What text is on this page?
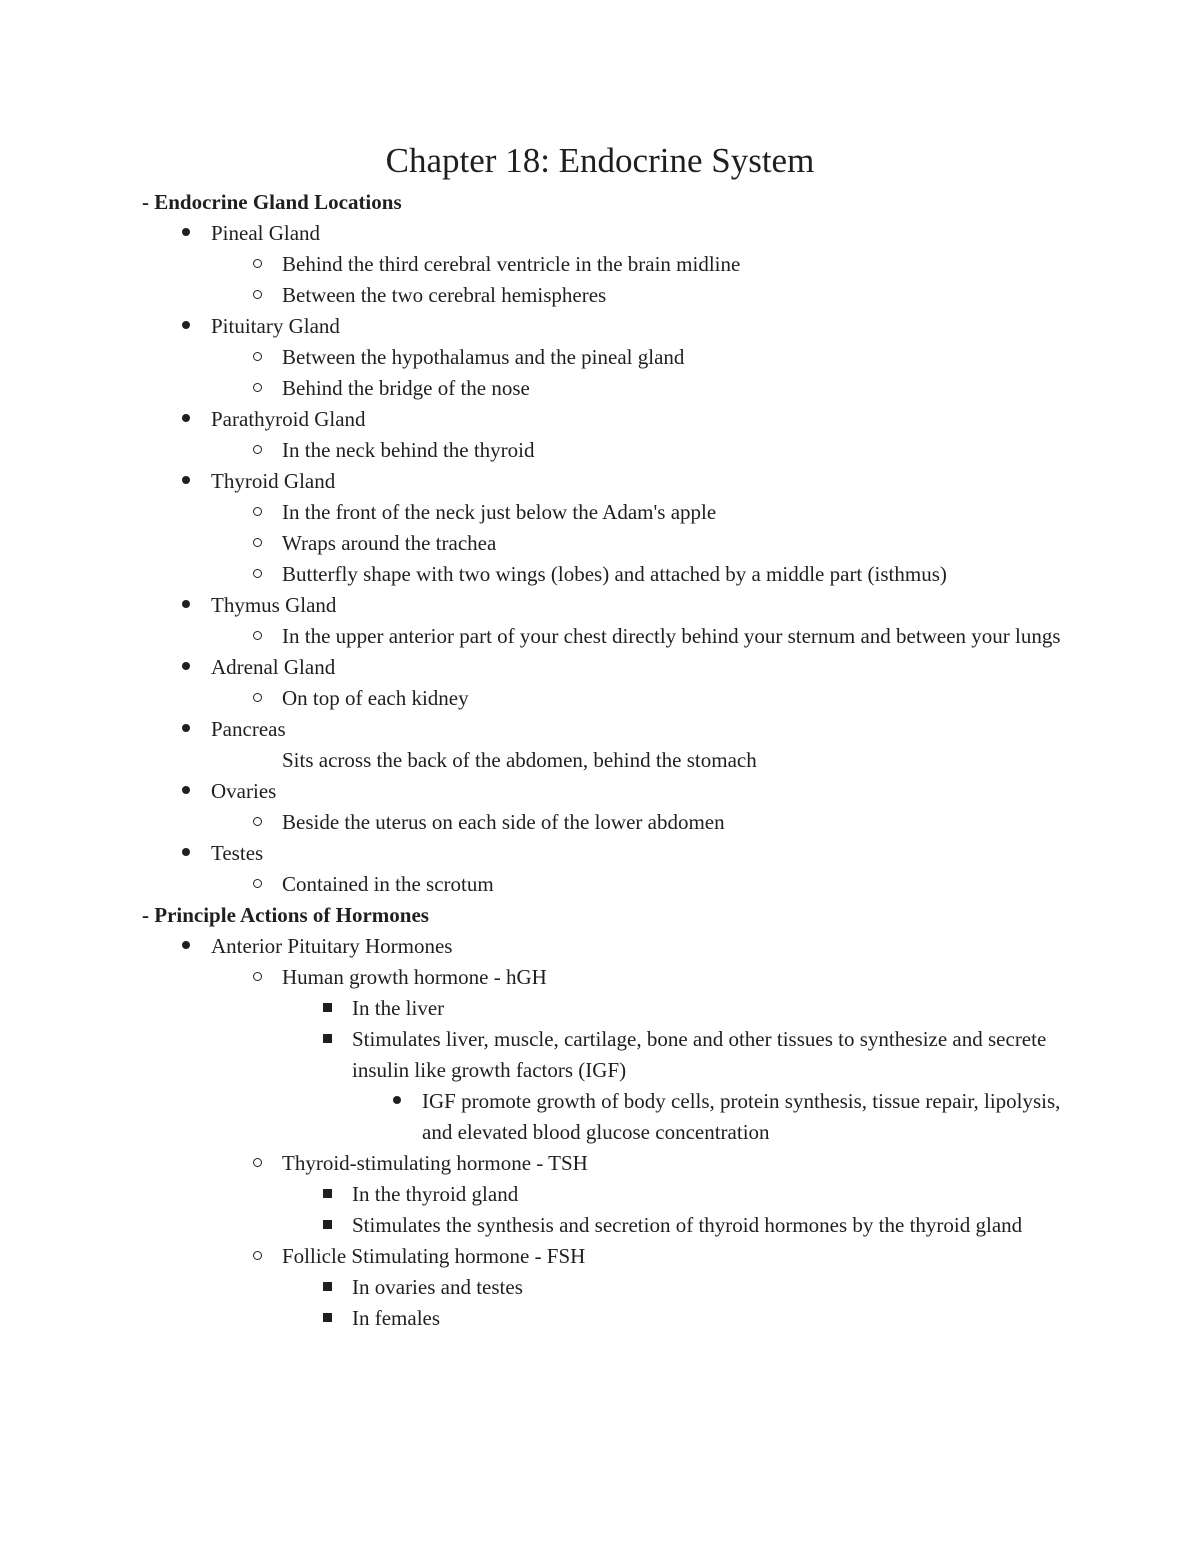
Chapter 18: Endocrine System
- Endocrine Gland Locations
Pineal Gland
Behind the third cerebral ventricle in the brain midline
Between the two cerebral hemispheres
Pituitary Gland
Between the hypothalamus and the pineal gland
Behind the bridge of the nose
Parathyroid Gland
In the neck behind the thyroid
Thyroid Gland
In the front of the neck just below the Adam's apple
Wraps around the trachea
Butterfly shape with two wings (lobes) and attached by a middle part (isthmus)
Thymus Gland
In the upper anterior part of your chest directly behind your sternum and between your lungs
Adrenal Gland
On top of each kidney
Pancreas
Sits across the back of the abdomen, behind the stomach
Ovaries
Beside the uterus on each side of the lower abdomen
Testes
Contained in the scrotum
- Principle Actions of Hormones
Anterior Pituitary Hormones
Human growth hormone - hGH
In the liver
Stimulates liver, muscle, cartilage, bone and other tissues to synthesize and secrete insulin like growth factors (IGF)
IGF promote growth of body cells, protein synthesis, tissue repair, lipolysis, and elevated blood glucose concentration
Thyroid-stimulating hormone - TSH
In the thyroid gland
Stimulates the synthesis and secretion of thyroid hormones by the thyroid gland
Follicle Stimulating hormone - FSH
In ovaries and testes
In females
